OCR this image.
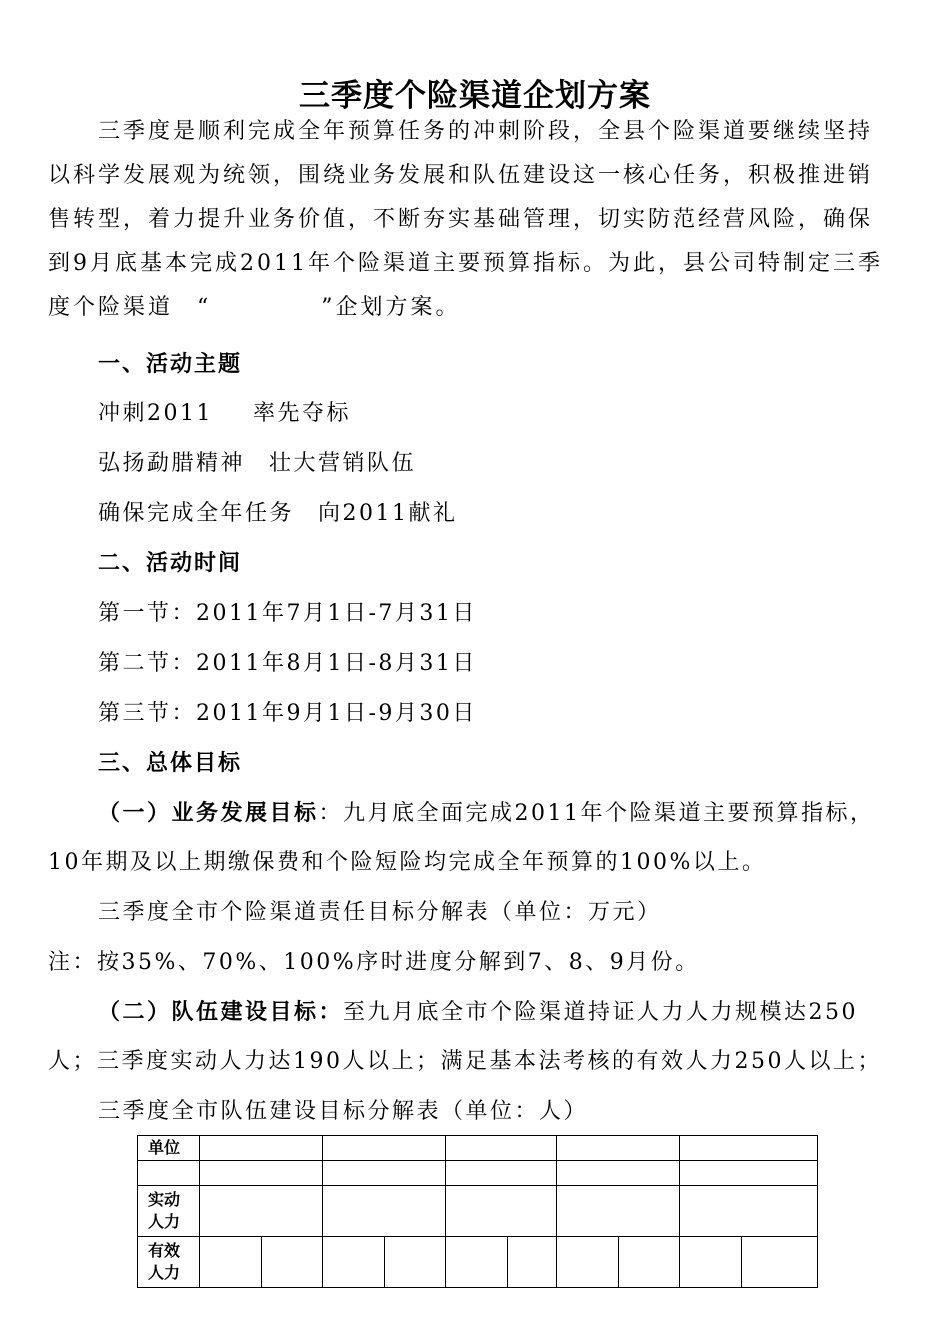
三季度个险渠道企划方案
三季度是顺利完成全年预算任务的冲刺阶段，全县个险渠道要继续坚持
以科学发展观为统领，围绕业务发展和队伍建设这一核心任务，积极推进销
售转型，着力提升业务价值，不断夯实基础管理，切实防范经营风险，确保
到9月底基本完成2011年个险渠道主要预算指标。为此，县公司特制定三季
度个险渠道 “	”企划方案。
一、活动主题
冲刺2011 率先夺标
弘扬勐腊精神 壮大营销队伍
确保完成全年任务 向2011献礼
二、活动时间
第一节：2011年7月1日-7月31日
第二节：2011年8月1日-8月31日
第三节：2011年9月1日-9月30日
三、总体目标
（一）业务发展目标：九月底全面完成2011年个险渠道主要预算指标，
10年期及以上期缴保费和个险短险均完成全年预算的100%以上。
三季度全市个险渠道责任目标分解表（单位：万元）
注：按35%、70%、100%序时进度分解到7、8、9月份。
（二）队伍建设目标：至九月底全市个险渠道持证人力人力规模达250
人；三季度实动人力达190人以上；满足基本法考核的有效人力250人以上；
三季度全市队伍建设目标分解表（单位：人）
单位										

实动
人力										
有效
人力										
